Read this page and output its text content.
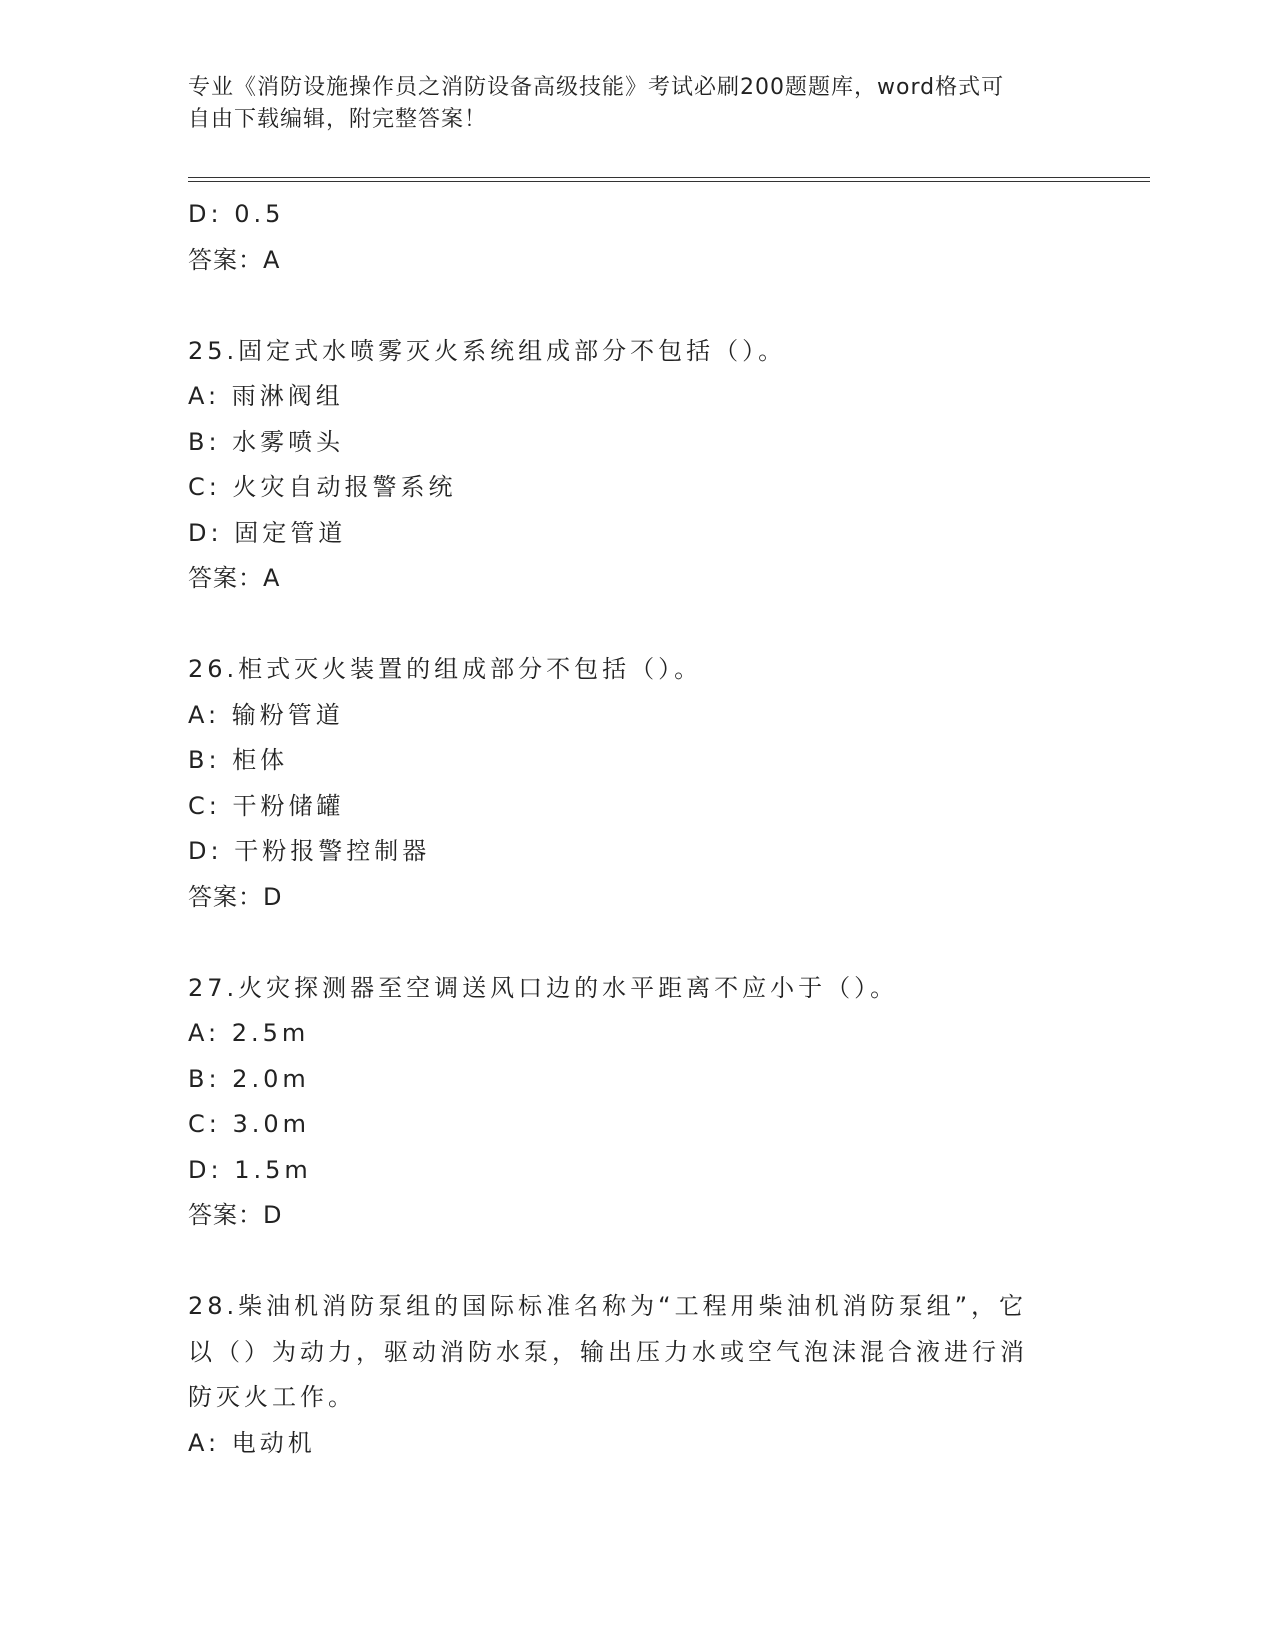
专业《消防设施操作员之消防设备高级技能》考试必刷200题题库，word格式可
自由下载编辑，附完整答案！
D: 0.5
答案：A
25.固定式水喷雾灭火系统组成部分不包括（）。
A: 雨淋阀组
B: 水雾喷头
C: 火灾自动报警系统
D: 固定管道
答案：A
26.柜式灭火装置的组成部分不包括（）。
A: 输粉管道
B: 柜体
C: 干粉储罐
D: 干粉报警控制器
答案：D
27.火灾探测器至空调送风口边的水平距离不应小于（）。
A: 2.5m
B: 2.0m
C: 3.0m
D: 1.5m
答案：D
28.柴油机消防泵组的国际标准名称为“工程用柴油机消防泵组”，它
以（）为动力，驱动消防水泵，输出压力水或空气泡沫混合液进行消
防灭火工作。
A: 电动机
